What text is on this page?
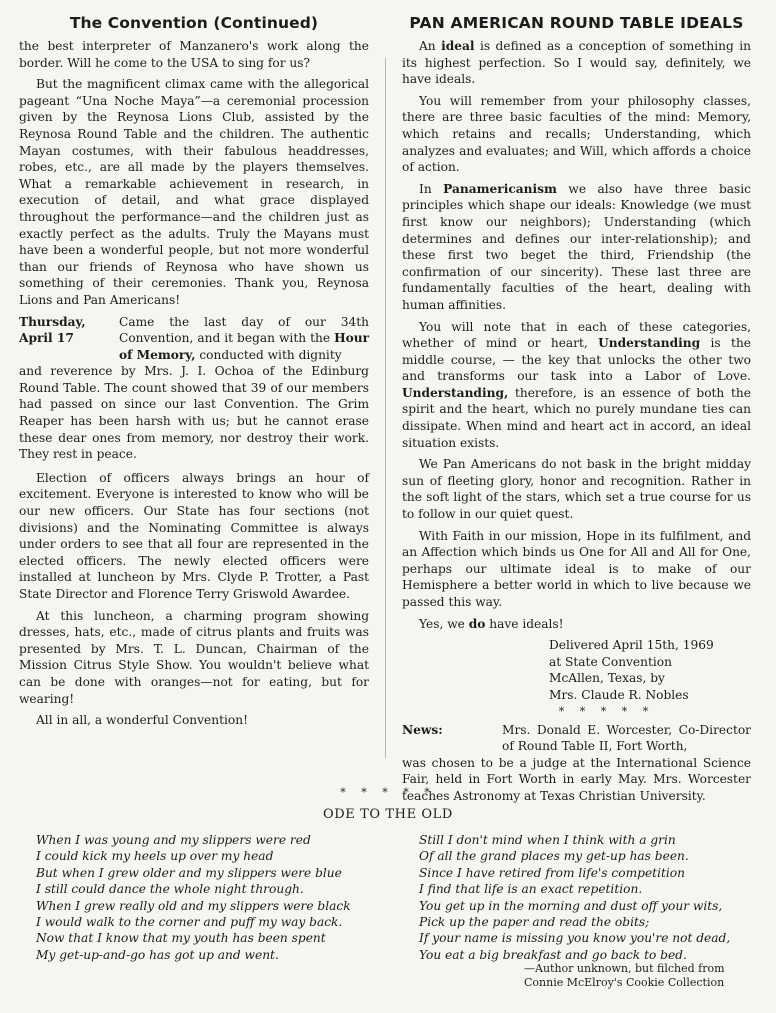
The Convention (Continued)

the best interpreter of Manzanero's work along the border. Will he come to the USA to sing for us?

But the magnificent climax came with the allegorical pageant “Una Noche Maya”—a ceremonial procession given by the Reynosa Lions Club, assisted by the Reynosa Round Table and the children. The authentic Mayan costumes, with their fabulous headdresses, robes, etc., are all made by the players themselves. What a remarkable achievement in research, in execution of detail, and what grace displayed throughout the performance—and the children just as exactly perfect as the adults. Truly the Mayans must have been a wonderful people, but not more wonderful than our friends of Reynosa who have shown us something of their ceremonies. Thank you, Reynosa Lions and Pan Americans!

Thursday,
April 17
Came the last day of our 34th Convention, and it began with the Hour of Memory, conducted with dignity

and reverence by Mrs. J. I. Ochoa of the Edinburg Round Table. The count showed that 39 of our members had passed on since our last Convention. The Grim Reaper has been harsh with us; but he cannot erase these dear ones from memory, nor destroy their work. They rest in peace.

Election of officers always brings an hour of excitement. Everyone is interested to know who will be our new officers. Our State has four sections (not divisions) and the Nominating Committee is always under orders to see that all four are represented in the elected officers. The newly elected officers were installed at luncheon by Mrs. Clyde P. Trotter, a Past State Director and Florence Terry Griswold Awardee.

At this luncheon, a charming program showing dresses, hats, etc., made of citrus plants and fruits was presented by Mrs. T. L. Duncan, Chairman of the Mission Citrus Style Show. You wouldn't believe what can be done with oranges—not for eating, but for wearing!

All in all, a wonderful Convention!

PAN AMERICAN ROUND TABLE IDEALS

An ideal is defined as a conception of something in its highest perfection. So I would say, definitely, we have ideals.

You will remember from your philosophy classes, there are three basic faculties of the mind: Memory, which retains and recalls; Understanding, which analyzes and evaluates; and Will, which affords a choice of action.

In Panamericanism we also have three basic principles which shape our ideals: Knowledge (we must first know our neighbors); Understanding (which determines and defines our inter-relationship); and these first two beget the third, Friendship (the confirmation of our sincerity). These last three are fundamentally faculties of the heart, dealing with human affinities.

You will note that in each of these categories, whether of mind or heart, Understanding is the middle course, — the key that unlocks the other two and transforms our task into a Labor of Love. Understanding, therefore, is an essence of both the spirit and the heart, which no purely mundane ties can dissipate. When mind and heart act in accord, an ideal situation exists.

We Pan Americans do not bask in the bright midday sun of fleeting glory, honor and recognition. Rather in the soft light of the stars, which set a true course for us to follow in our quiet quest.

With Faith in our mission, Hope in its fulfilment, and an Affection which binds us One for All and All for One, perhaps our ultimate ideal is to make of our Hemisphere a better world in which to live because we passed this way.

Yes, we do have ideals!

Delivered April 15th, 1969
at State Convention
McAllen, Texas, by
Mrs. Claude R. Nobles
* * * * *
News:	Mrs. Donald E. Worcester, Co-Director of Round Table II, Fort Worth,

was chosen to be a judge at the International Science Fair, held in Fort Worth in early May. Mrs. Worcester teaches Astronomy at Texas Christian University.

* * * * *
ODE TO THE OLD
When I was young and my slippers were red
I could kick my heels up over my head
But when I grew older and my slippers were blue
I still could dance the whole night through.
When I grew really old and my slippers were black
I would walk to the corner and puff my way back.
Now that I know that my youth has been spent
My get-up-and-go has got up and went.
Still I don't mind when I think with a grin
Of all the grand places my get-up has been.
Since I have retired from life's competition
I find that life is an exact repetition.
You get up in the morning and dust off your wits,
Pick up the paper and read the obits;
If your name is missing you know you're not dead,
You eat a big breakfast and go back to bed.
—Author unknown, but filched from
Connie McElroy's Cookie Collection
